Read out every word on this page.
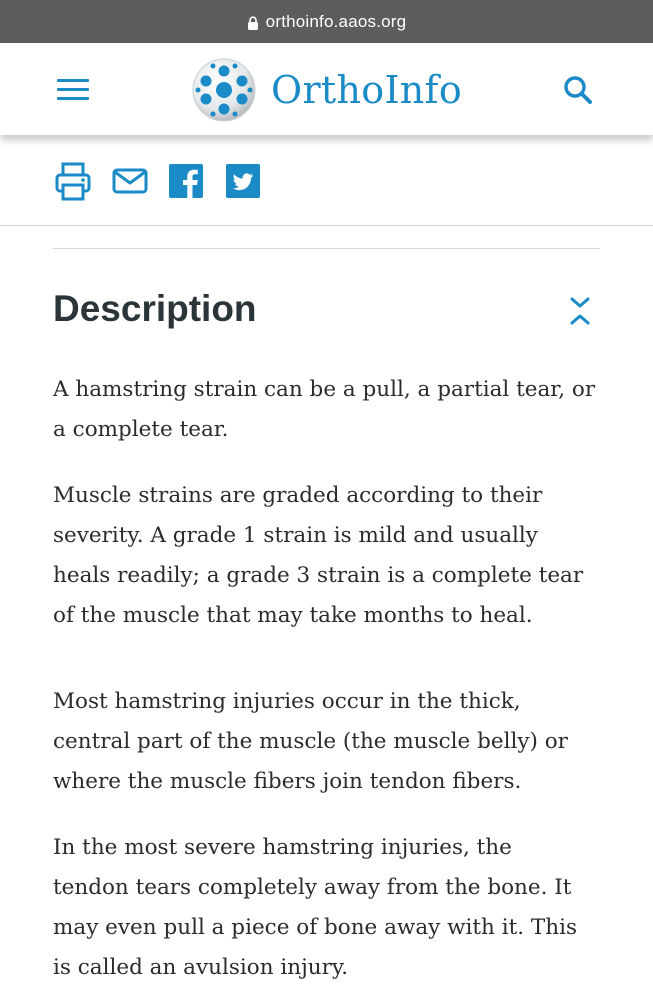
orthoinfo.aaos.org
OrthoInfo
Description

A hamstring strain can be a pull, a partial tear, or
a complete tear.

Muscle strains are graded according to their
severity. A grade 1 strain is mild and usually
heals readily; a grade 3 strain is a complete tear
of the muscle that may take months to heal.

Most hamstring injuries occur in the thick,
central part of the muscle (the muscle belly) or
where the muscle fibers join tendon fibers.

In the most severe hamstring injuries, the
tendon tears completely away from the bone. It
may even pull a piece of bone away with it. This
is called an avulsion injury.
